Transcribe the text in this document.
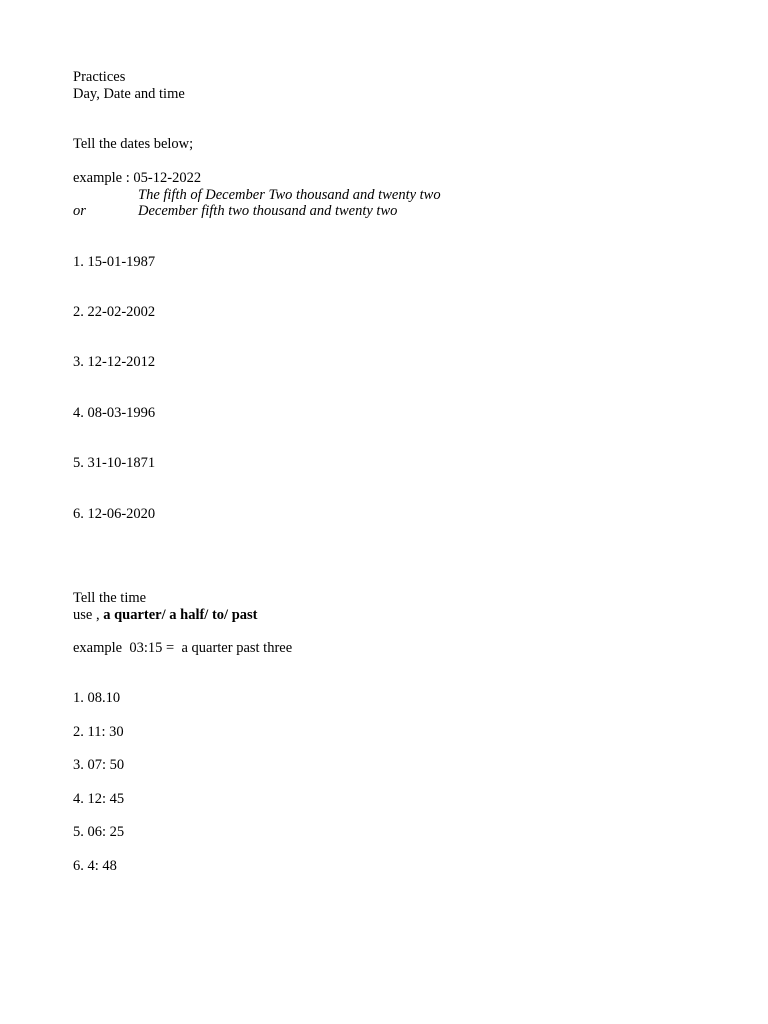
Practices
Day, Date and time
Tell the dates below;
example : 05-12-2022
The fifth of December Two thousand and twenty two
or	December fifth two thousand and twenty two
1. 15-01-1987
2. 22-02-2002
3. 12-12-2012
4. 08-03-1996
5. 31-10-1871
6. 12-06-2020
Tell the time
use , a quarter/ a half/ to/ past
example  03:15 =  a quarter past three
1. 08.10
2. 11: 30
3. 07: 50
4. 12: 45
5. 06: 25
6. 4: 48
